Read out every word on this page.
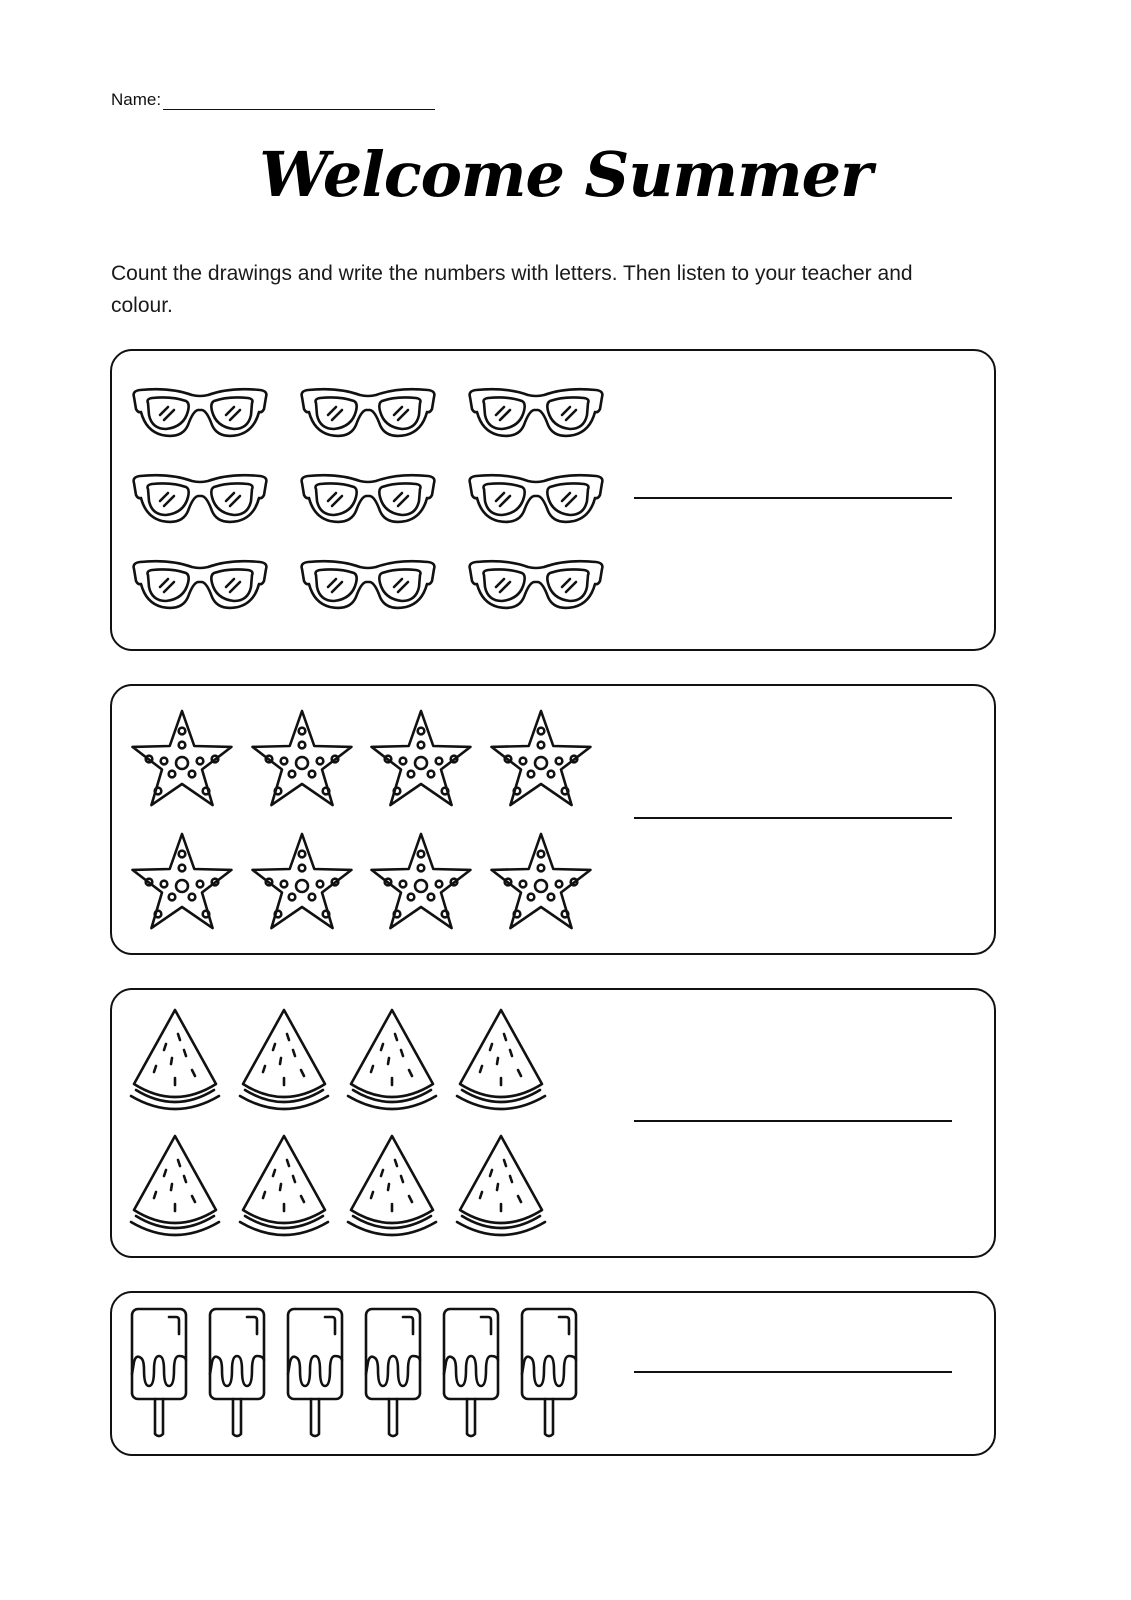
Name:
Welcome Summer
Count the drawings and write the numbers with letters. Then listen to your teacher and colour.
